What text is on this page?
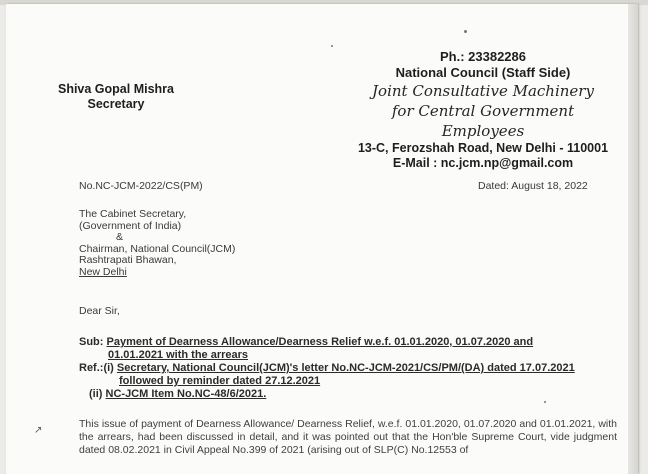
Shiva Gopal Mishra
Secretary
Ph.: 23382286
National Council (Staff Side)
Joint Consultative Machinery
for Central Government Employees
13-C, Ferozshah Road, New Delhi - 110001
E-Mail : nc.jcm.np@gmail.com
No.NC-JCM-2022/CS(PM)	Dated: August 18, 2022
The Cabinet Secretary,
(Government of India)
&
Chairman, National Council(JCM)
Rashtrapati Bhawan,
New Delhi
Dear Sir,
Sub: Payment of Dearness Allowance/Dearness Relief w.e.f. 01.01.2020, 01.07.2020 and
01.01.2021 with the arrears
Ref.:(i) Secretary, National Council(JCM)'s letter No.NC-JCM-2021/CS/PM/(DA) dated 17.07.2021
followed by reminder dated 27.12.2021
(ii) NC-JCM Item No.NC-48/6/2021.
↗
This issue of payment of Dearness Allowance/ Dearness Relief, w.e.f. 01.01.2020, 01.07.2020 and 01.01.2021, with the arrears, had been discussed in detail, and it was pointed out that the Hon'ble Supreme Court, vide judgment dated 08.02.2021 in Civil Appeal No.399 of 2021 (arising out of SLP(C) No.12553 of
